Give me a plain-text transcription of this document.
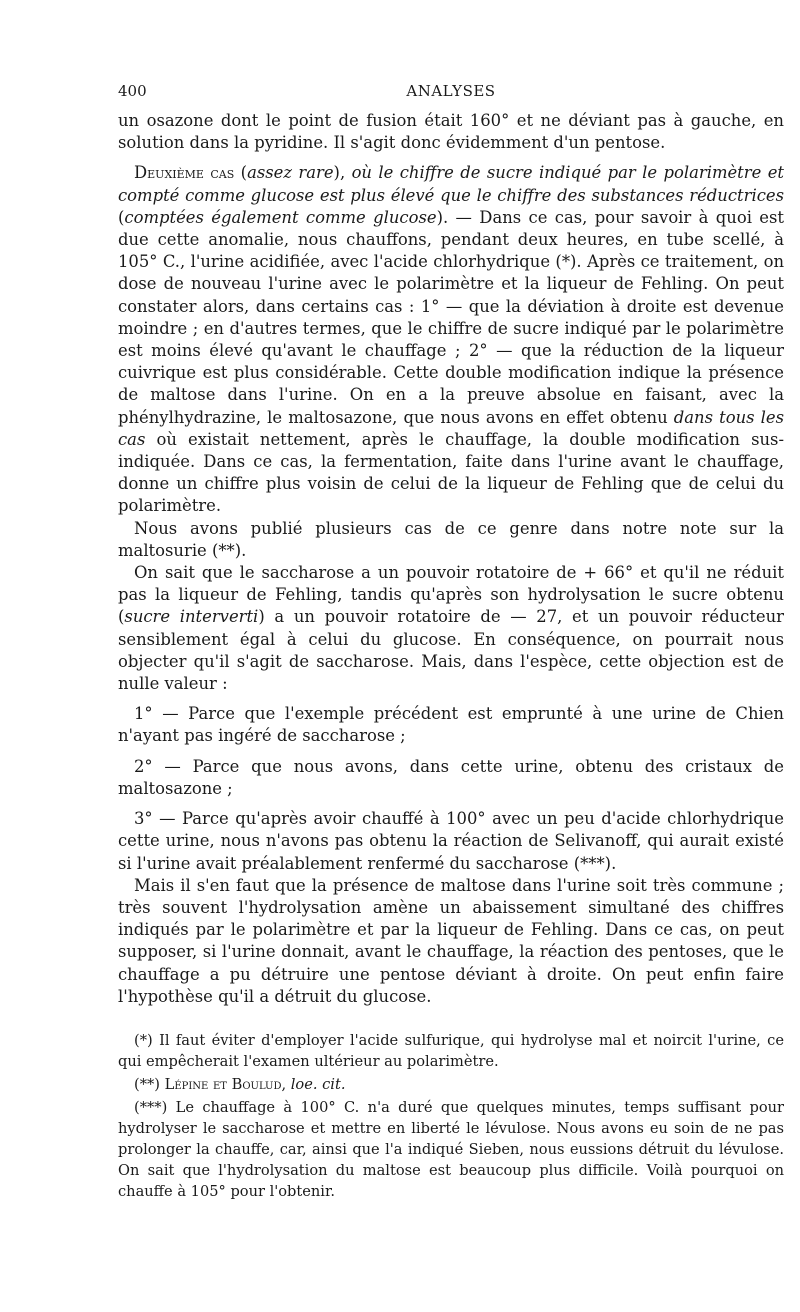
400	ANALYSES

un osazone dont le point de fusion était 160° et ne déviant pas à gauche, en solution dans la pyridine. Il s'agit donc évidemment d'un pentose.

Deuxième cas (assez rare), où le chiffre de sucre indiqué par le polarimètre et compté comme glucose est plus élevé que le chiffre des substances réductrices (comptées également comme glucose). — Dans ce cas, pour savoir à quoi est due cette anomalie, nous chauffons, pendant deux heures, en tube scellé, à 105° C., l'urine acidifiée, avec l'acide chlorhydrique (*). Après ce traitement, on dose de nouveau l'urine avec le polarimètre et la liqueur de Fehling. On peut constater alors, dans certains cas : 1° — que la déviation à droite est devenue moindre ; en d'autres termes, que le chiffre de sucre indiqué par le polarimètre est moins élevé qu'avant le chauffage ; 2° — que la réduction de la liqueur cuivrique est plus considérable. Cette double modification indique la présence de maltose dans l'urine. On en a la preuve absolue en faisant, avec la phénylhydrazine, le maltosazone, que nous avons en effet obtenu dans tous les cas où existait nettement, après le chauffage, la double modification sus-indiquée. Dans ce cas, la fermentation, faite dans l'urine avant le chauffage, donne un chiffre plus voisin de celui de la liqueur de Fehling que de celui du polarimètre.

Nous avons publié plusieurs cas de ce genre dans notre note sur la maltosurie (**).

On sait que le saccharose a un pouvoir rotatoire de + 66° et qu'il ne réduit pas la liqueur de Fehling, tandis qu'après son hydrolysation le sucre obtenu (sucre interverti) a un pouvoir rotatoire de — 27, et un pouvoir réducteur sensiblement égal à celui du glucose. En conséquence, on pourrait nous objecter qu'il s'agit de saccharose. Mais, dans l'espèce, cette objection est de nulle valeur :

1° — Parce que l'exemple précédent est emprunté à une urine de Chien n'ayant pas ingéré de saccharose ;

2° — Parce que nous avons, dans cette urine, obtenu des cristaux de maltosazone ;

3° — Parce qu'après avoir chauffé à 100° avec un peu d'acide chlorhydrique cette urine, nous n'avons pas obtenu la réaction de Selivanoff, qui aurait existé si l'urine avait préalablement renfermé du saccharose (***).

Mais il s'en faut que la présence de maltose dans l'urine soit très commune ; très souvent l'hydrolysation amène un abaissement simultané des chiffres indiqués par le polarimètre et par la liqueur de Fehling. Dans ce cas, on peut supposer, si l'urine donnait, avant le chauffage, la réaction des pentoses, que le chauffage a pu détruire une pentose déviant à droite. On peut enfin faire l'hypothèse qu'il a détruit du glucose.

(*) Il faut éviter d'employer l'acide sulfurique, qui hydrolyse mal et noircit l'urine, ce qui empêcherait l'examen ultérieur au polarimètre.

(**) Lépine et Boulud, loe. cit.

(***) Le chauffage à 100° C. n'a duré que quelques minutes, temps suffisant pour hydrolyser le saccharose et mettre en liberté le lévulose. Nous avons eu soin de ne pas prolonger la chauffe, car, ainsi que l'a indiqué Sieben, nous eussions détruit du lévulose. On sait que l'hydrolysation du maltose est beaucoup plus difficile. Voilà pourquoi on chauffe à 105° pour l'obtenir.
